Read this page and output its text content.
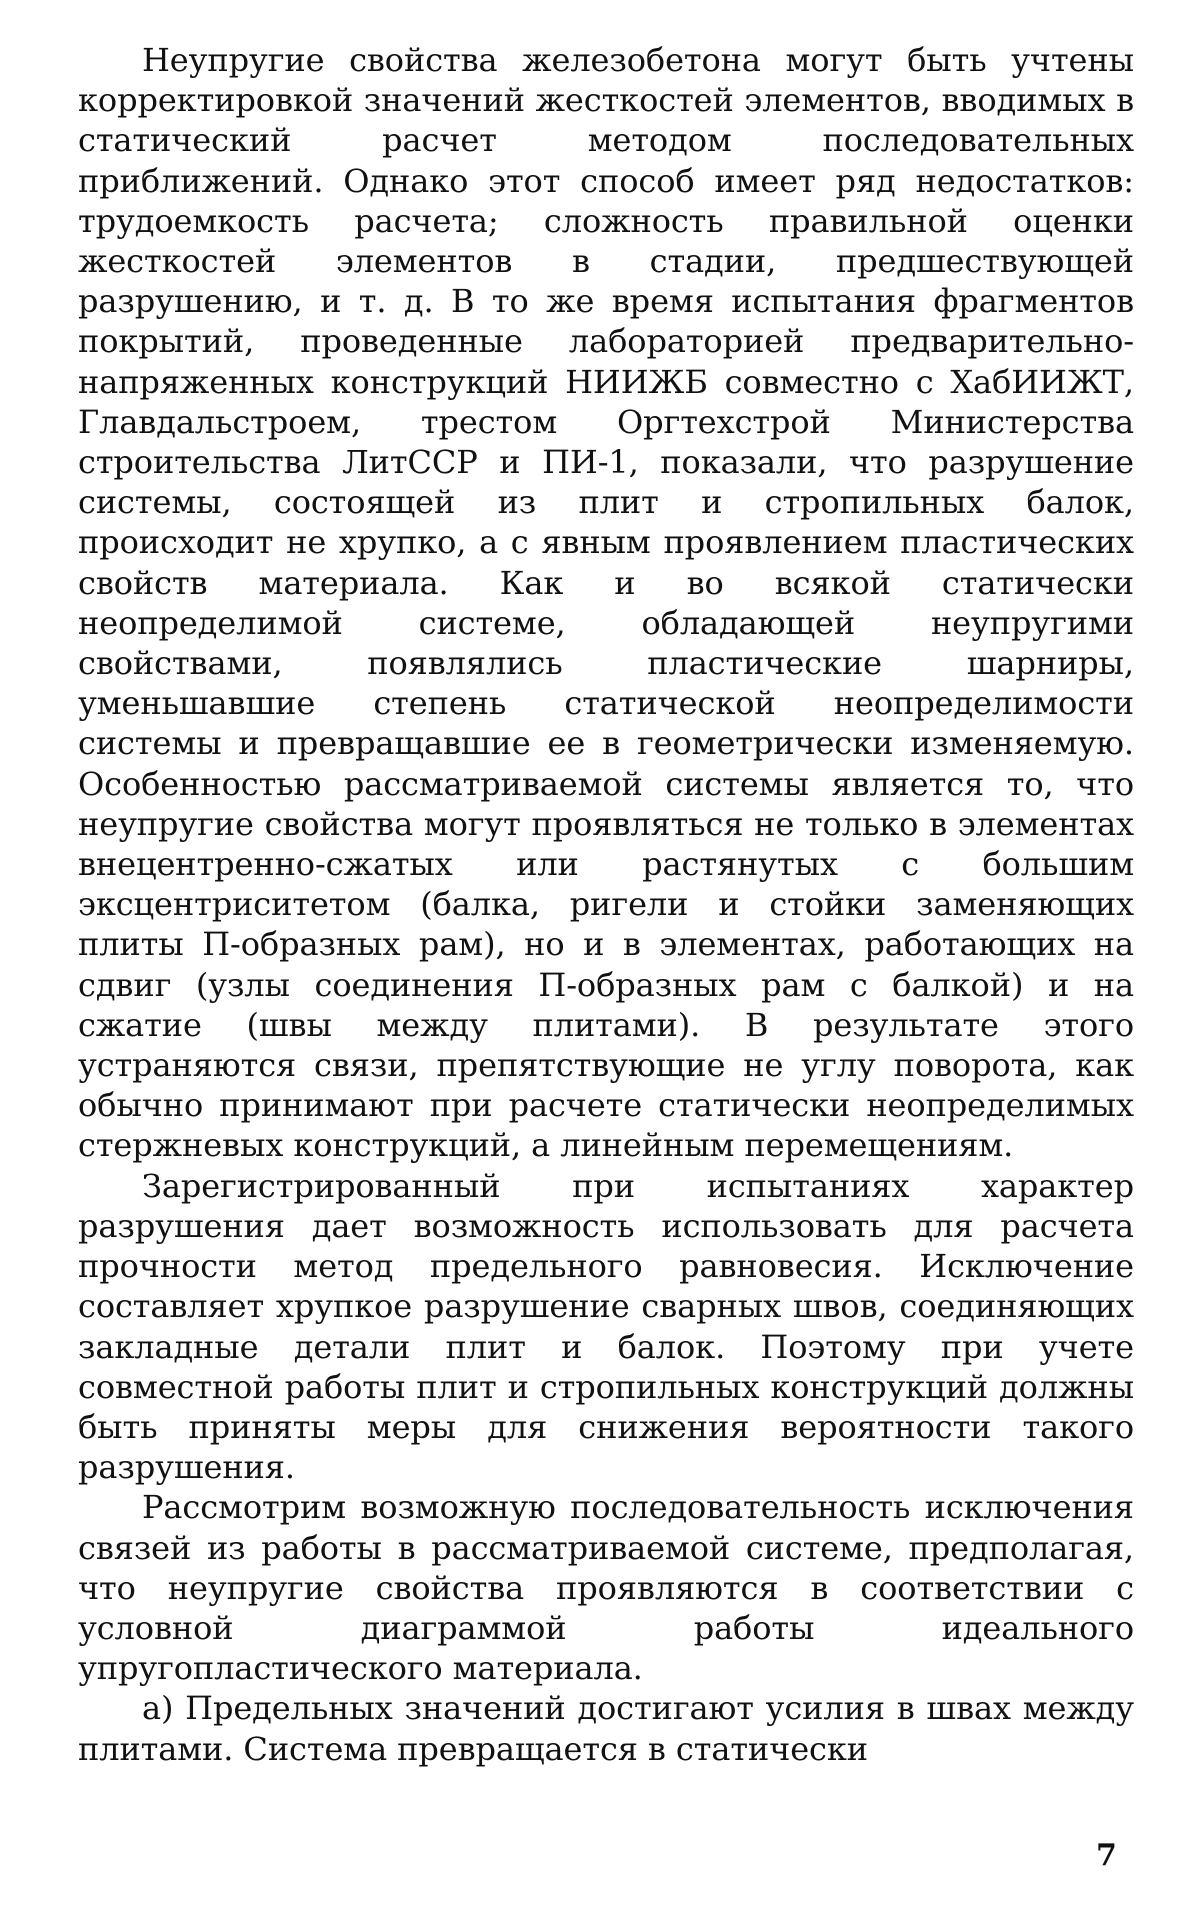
Неупругие свойства железобетона могут быть учтены корректировкой значений жесткостей элементов, вводимых в статический расчет методом последовательных приближений. Однако этот способ имеет ряд недостатков: трудоемкость расчета; сложность правильной оценки жесткостей элементов в стадии, предшествующей разрушению, и т. д. В то же время испытания фрагментов покрытий, проведенные лабораторией предварительно-напряженных конструкций НИИЖБ совместно с ХабИИЖТ, Главдальстроем, трестом Оргтехстрой Министерства строительства ЛитССР и ПИ-1, показали, что разрушение системы, состоящей из плит и стропильных балок, происходит не хрупко, а с явным проявлением пластических свойств материала. Как и во всякой статически неопределимой системе, обладающей неупругими свойствами, появлялись пластические шарниры, уменьшавшие степень статической неопределимости системы и превращавшие ее в геометрически изменяемую. Особенностью рассматриваемой системы является то, что неупругие свойства могут проявляться не только в элементах внецентренно-сжатых или растянутых с большим эксцентриситетом (балка, ригели и стойки заменяющих плиты П-образных рам), но и в элементах, работающих на сдвиг (узлы соединения П-образных рам с балкой) и на сжатие (швы между плитами). В результате этого устраняются связи, препятствующие не углу поворота, как обычно принимают при расчете статически неопределимых стержневых конструкций, а линейным перемещениям.

Зарегистрированный при испытаниях характер разрушения дает возможность использовать для расчета прочности метод предельного равновесия. Исключение составляет хрупкое разрушение сварных швов, соединяющих закладные детали плит и балок. Поэтому при учете совместной работы плит и стропильных конструкций должны быть приняты меры для снижения вероятности такого разрушения.

Рассмотрим возможную последовательность исключения связей из работы в рассматриваемой системе, предполагая, что неупругие свойства проявляются в соответствии с условной диаграммой работы идеального упругопластического материала.

а) Предельных значений достигают усилия в швах между плитами. Система превращается в статически

7
